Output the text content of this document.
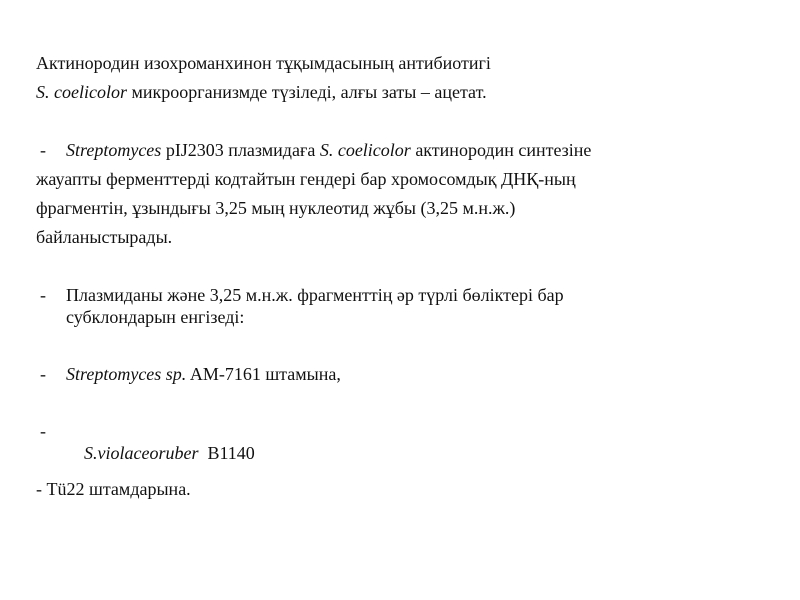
Актинородин изохроманхинон тұқымдасының антибиотигі
S. coelicolor микроорганизмде түзіледі, алғы заты – ацетат.
- Streptomyces pIJ2303 плазмидаға S. coelicolor актинородин синтезіне
жауапты ферменттерді кодтайтын гендері бар хромосомдық ДНҚ-ның
фрагментін, ұзындығы 3,25 мың нуклеотид жұбы (3,25 м.н.ж.)
байланыстырады.
- Плазмиданы және 3,25 м.н.ж. фрагменттің әр түрлі бөліктері бар
субклондарын енгізеді:
- Streptomyces sp. AM-7161 штамына,
-

S.violaceoruber  B1140

- Тü22 штамдарына.
